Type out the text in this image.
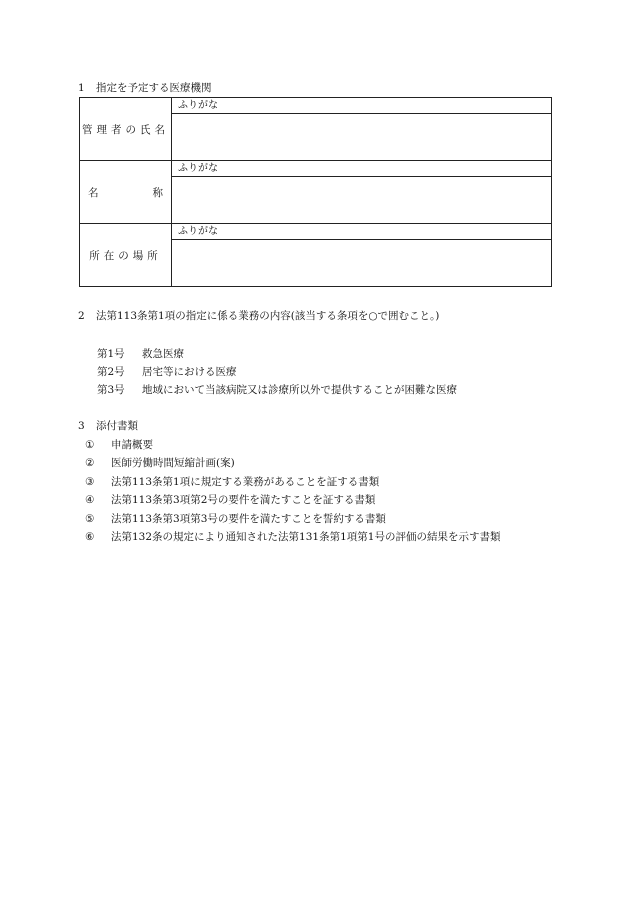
1 指定を予定する医療機関
管理者の氏名	ふりがな

名 称	ふりがな

所在の場所	ふりがな

2 法第113条第1項の指定に係る業務の内容(該当する条項を○で囲むこと。)
第1号 救急医療
第2号 居宅等における医療
第3号 地域において当該病院又は診療所以外で提供することが困難な医療
3 添付書類
① 申請概要
② 医師労働時間短縮計画(案)
③ 法第113条第1項に規定する業務があることを証する書類
④ 法第113条第3項第2号の要件を満たすことを証する書類
⑤ 法第113条第3項第3号の要件を満たすことを誓約する書類
⑥ 法第132条の規定により通知された法第131条第1項第1号の評価の結果を示す書類
